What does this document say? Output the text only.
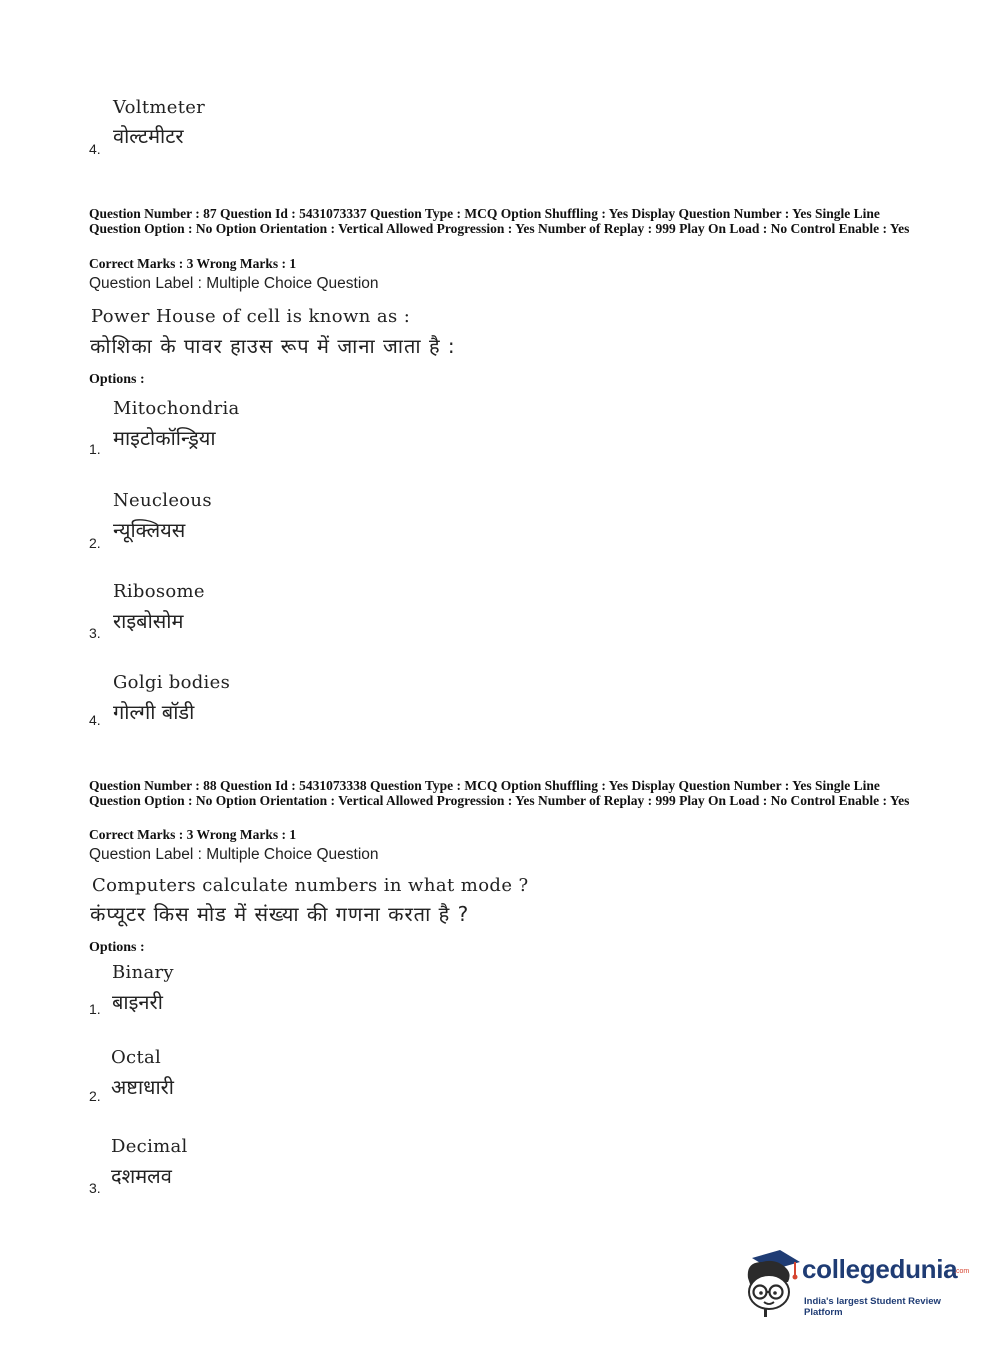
Voltmeter
वोल्टमीटर
4.
Question Number : 87 Question Id : 5431073337 Question Type : MCQ Option Shuffling : Yes Display Question Number : Yes Single Line Question Option : No Option Orientation : Vertical Allowed Progression : Yes Number of Replay : 999 Play On Load : No Control Enable : Yes
Correct Marks : 3 Wrong Marks : 1
Question Label : Multiple Choice Question
Power House of cell is known as :
कोशिका के पावर हाउस रूप में जाना जाता है :
Options :
Mitochondria
माइटोकॉन्ड्रिया
1.
Neucleous
न्यूक्लियस
2.
Ribosome
राइबोसोम
3.
Golgi bodies
गोल्गी बॉडी
4.
Question Number : 88 Question Id : 5431073338 Question Type : MCQ Option Shuffling : Yes Display Question Number : Yes Single Line Question Option : No Option Orientation : Vertical Allowed Progression : Yes Number of Replay : 999 Play On Load : No Control Enable : Yes
Correct Marks : 3 Wrong Marks : 1
Question Label : Multiple Choice Question
Computers calculate numbers in what mode ?
कंप्यूटर किस मोड में संख्या की गणना करता है ?
Options :
Binary
बाइनरी
1.
Octal
अष्टाधारी
2.
Decimal
दशमलव
3.
collegedunia
.com
India's largest Student Review Platform
